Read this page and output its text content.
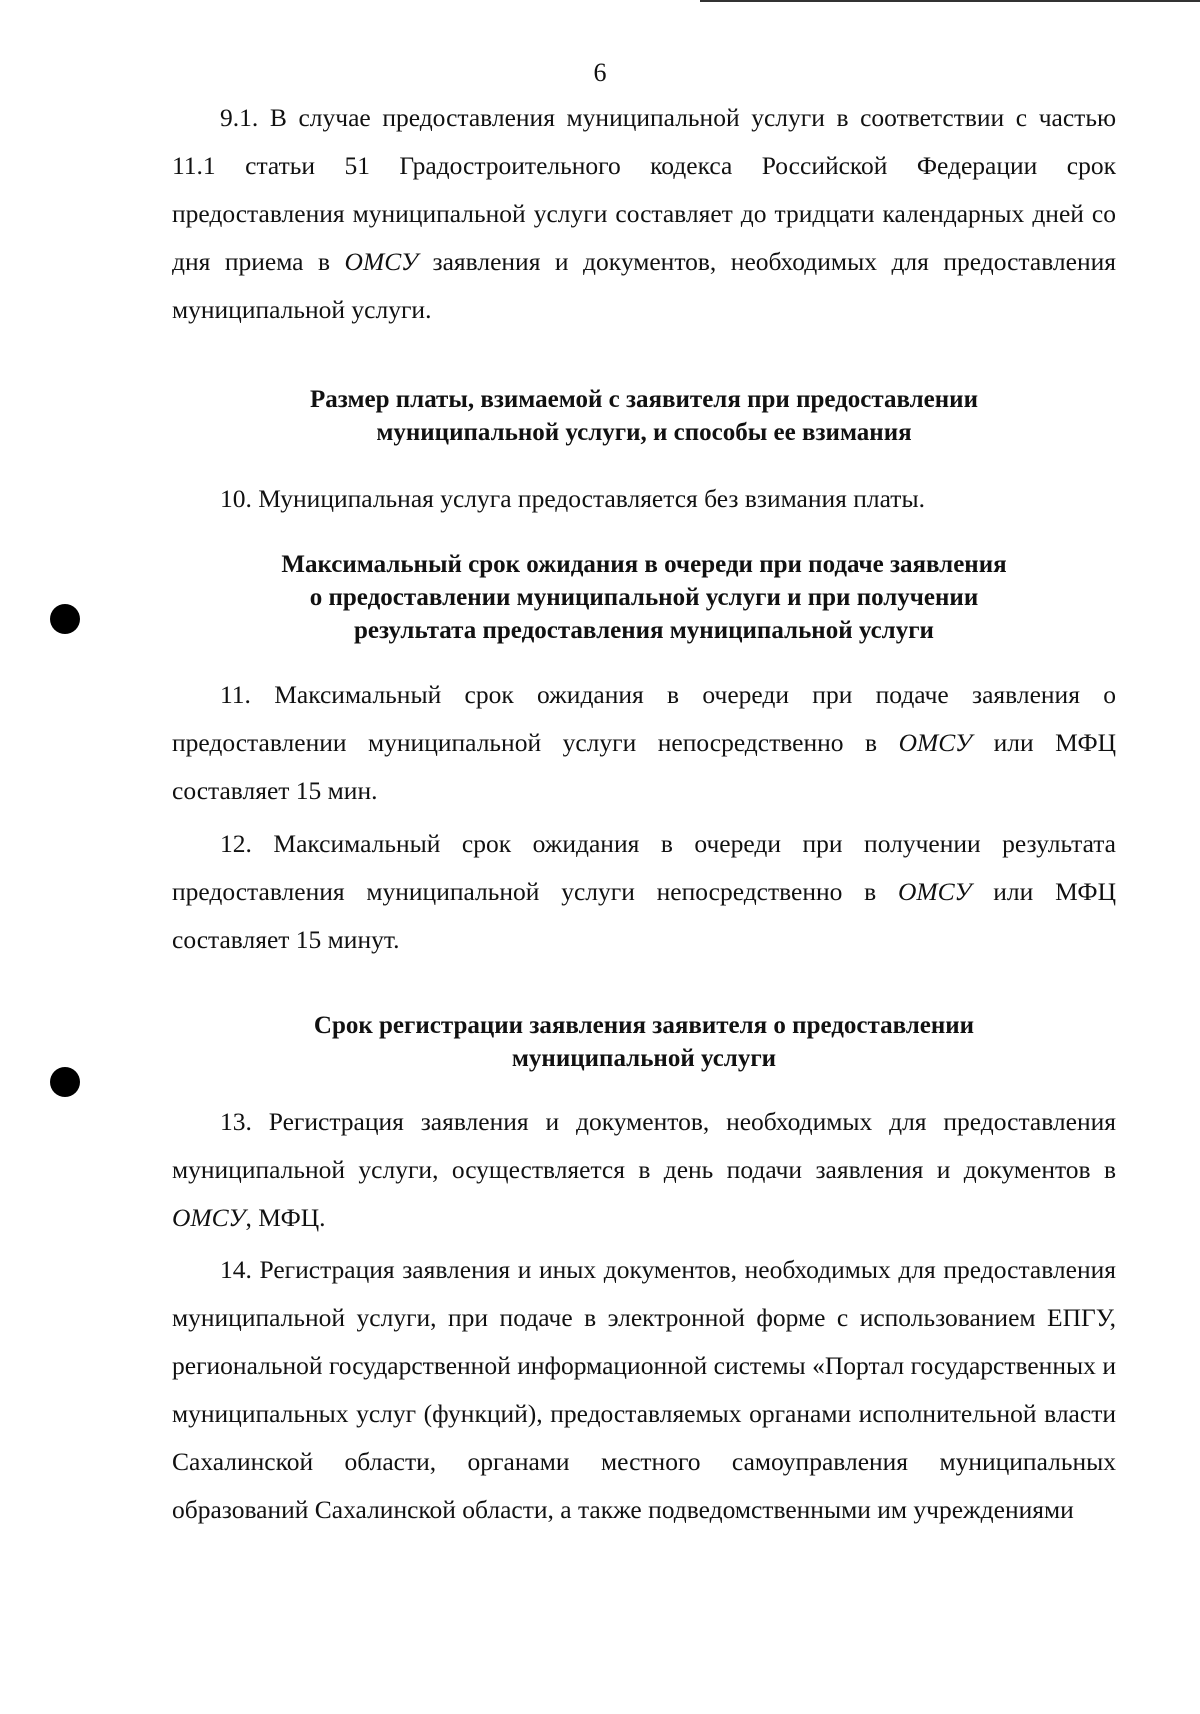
6

9.1. В случае предоставления муниципальной услуги в соответствии с частью 11.1 статьи 51 Градостроительного кодекса Российской Федерации срок предоставления муниципальной услуги составляет до тридцати календарных дней со дня приема в ОМСУ заявления и документов, необходимых для предоставления муниципальной услуги.

Размер платы, взимаемой с заявителя при предоставлении
муниципальной услуги, и способы ее взимания

10. Муниципальная услуга предоставляется без взимания платы.

Максимальный срок ожидания в очереди при подаче заявления
о предоставлении муниципальной услуги и при получении
результата предоставления муниципальной услуги

11. Максимальный срок ожидания в очереди при подаче заявления о предоставлении муниципальной услуги непосредственно в ОМСУ или МФЦ составляет 15 мин.

12. Максимальный срок ожидания в очереди при получении результата предоставления муниципальной услуги непосредственно в ОМСУ или МФЦ составляет 15 минут.

Срок регистрации заявления заявителя о предоставлении
муниципальной услуги

13. Регистрация заявления и документов, необходимых для предоставления муниципальной услуги, осуществляется в день подачи заявления и документов в ОМСУ, МФЦ.

14. Регистрация заявления и иных документов, необходимых для предоставления муниципальной услуги, при подаче в электронной форме с использованием ЕПГУ, региональной государственной информационной системы «Портал государственных и муниципальных услуг (функций), предоставляемых органами исполнительной власти Сахалинской области, органами местного самоуправления муниципальных образований Сахалинской области, а также подведомственными им учреждениями
